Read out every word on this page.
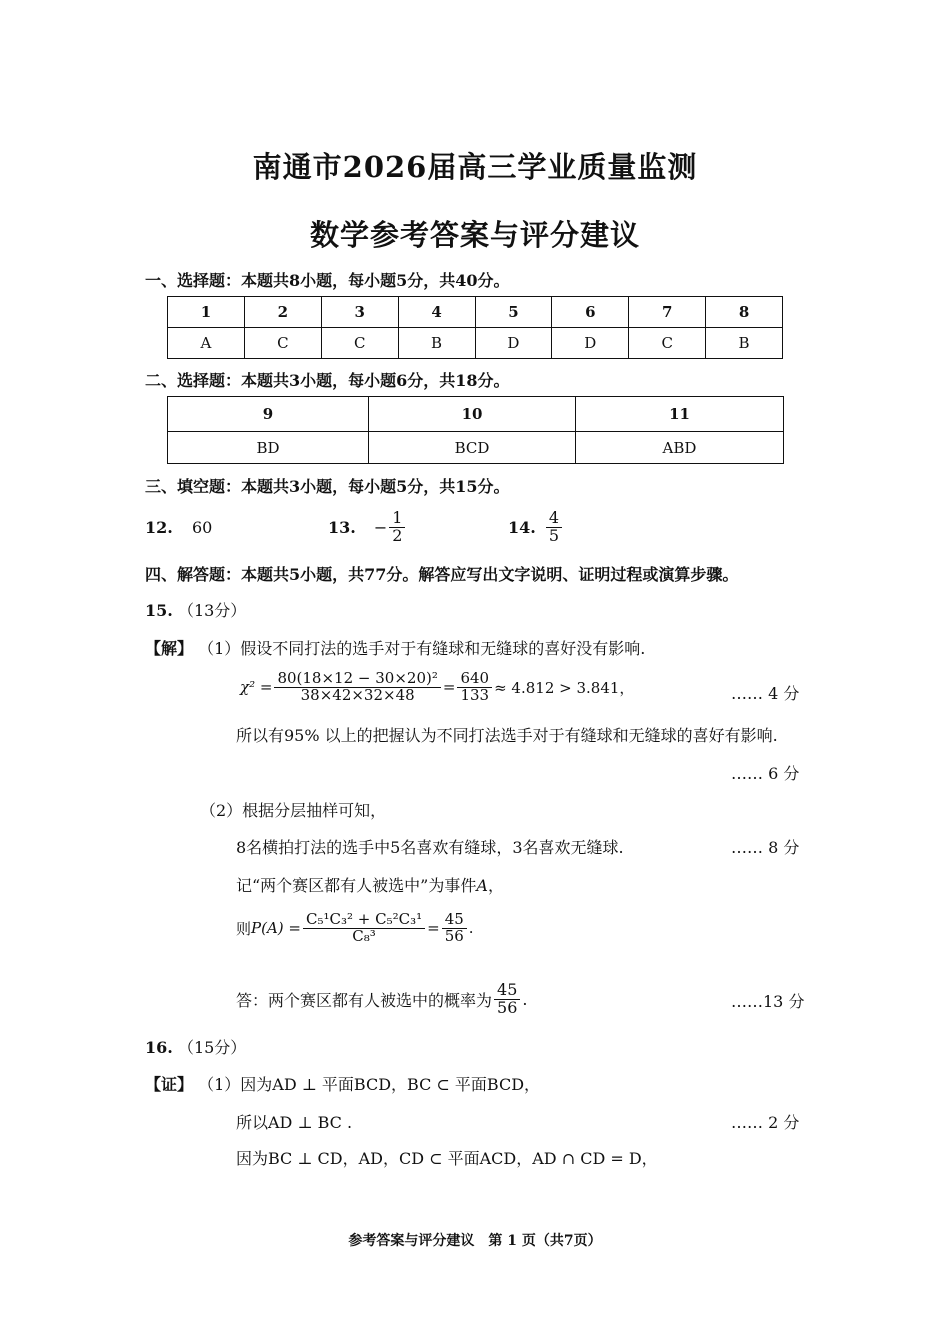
南通市2026届高三学业质量监测
数学参考答案与评分建议
一、选择题：本题共8小题，每小题5分，共40分。
1	2	3	4	5	6	7	8
A	C	C	B	D	D	C	B
二、选择题：本题共3小题，每小题6分，共18分。
9	10	11
BD	BCD	ABD
三、填空题：本题共3小题，每小题5分，共15分。
12. 60	13. − $\frac{1}{2}$	14. $\frac{4}{5}$
四、解答题：本题共5小题，共77分。解答应写出文字说明、证明过程或演算步骤。
15. （13分）
【解】 （1）假设不同打法的选手对于有缝球和无缝球的喜好没有影响.
$\chi^2 = \frac{\text{80(18×12 − 30×20)²}}{38\times 42\times 32\times 48} = \frac{640}{133} \approx 4.812 > 3.841$，	…… 4 分
所以有95% 以上的把握认为不同打法选手对于有缝球和无缝球的喜好有影响.
…… 6 分
（2）根据分层抽样可知，
8名横拍打法的选手中5名喜欢有缝球，3名喜欢无缝球.	…… 8 分
记“两个赛区都有人被选中”为事件A，
则 $P(A) = \frac{\text{C₅¹C₃² + C₅²C₃¹}}{\text{C₈³}} = \frac{45}{56}$ .
答：两个赛区都有人被选中的概率为 $\frac{45}{56}$ .	……13 分
16. （15分）
【证】 （1）因为AD ⊥ 平面BCD，BC ⊂ 平面BCD，
所以AD ⊥ BC .	…… 2 分
因为BC ⊥ CD，AD，CD ⊂ 平面ACD，AD ∩ CD = D，
参考答案与评分建议　第 1 页（共7页）
